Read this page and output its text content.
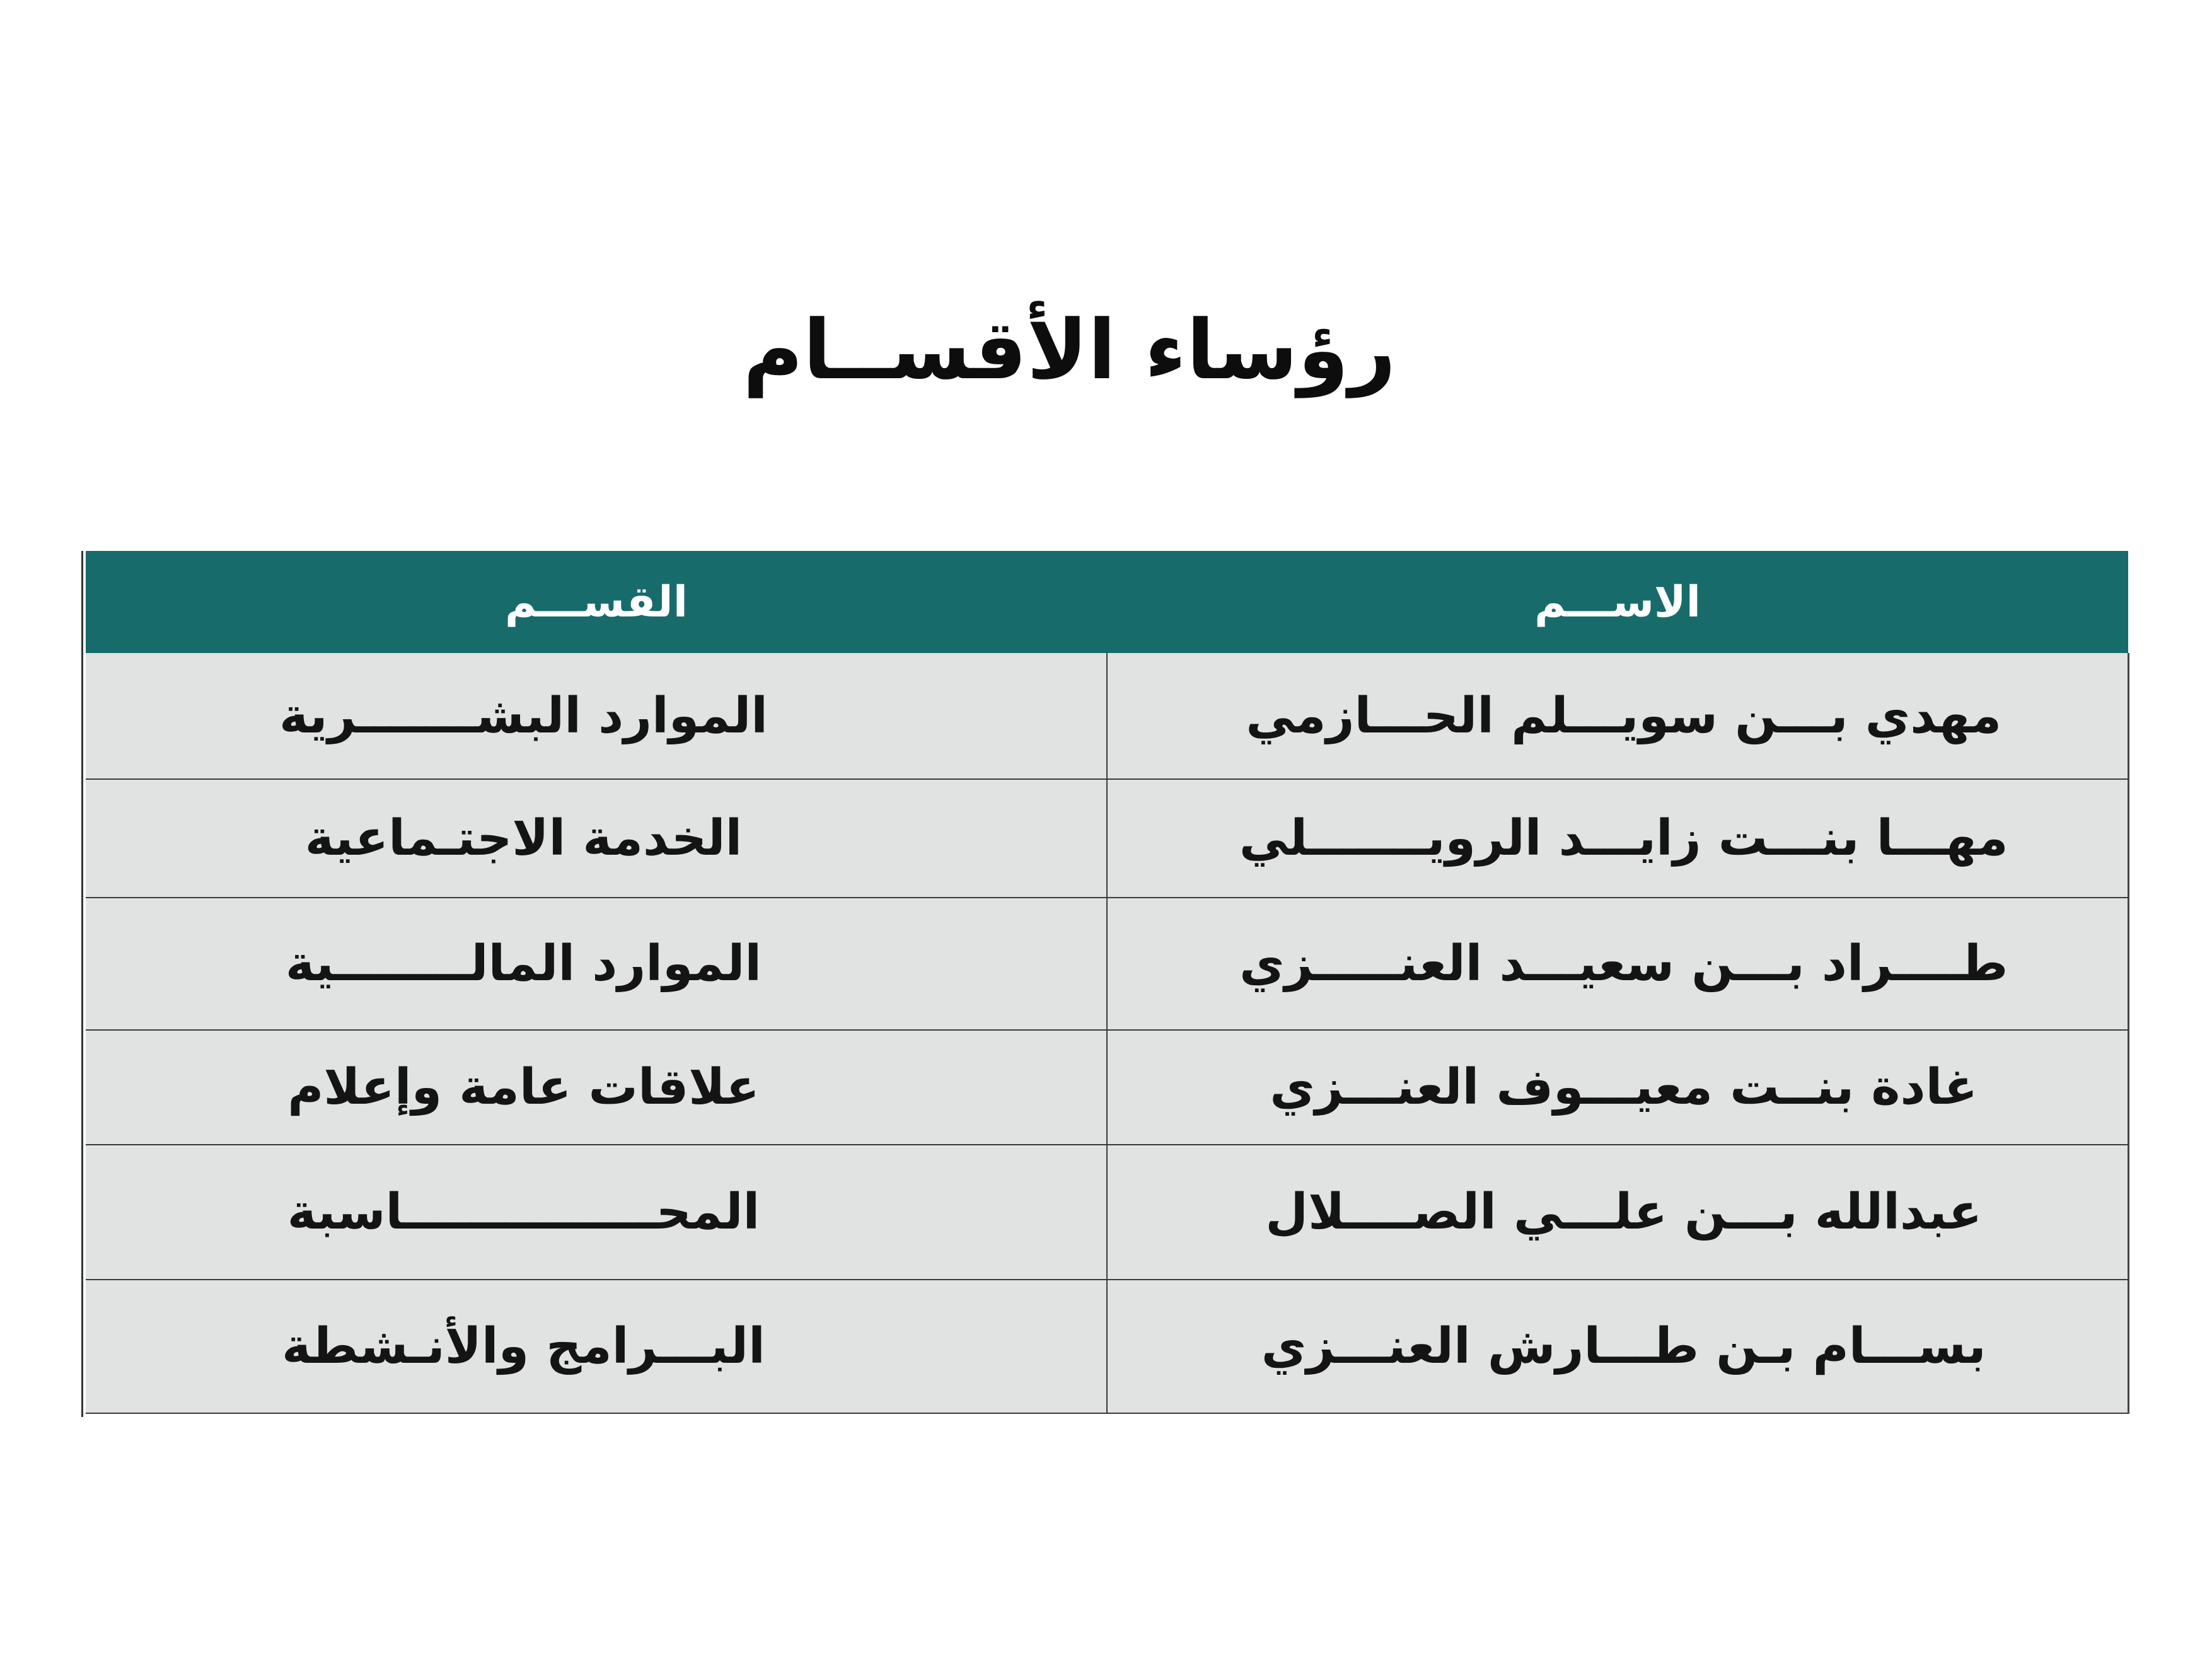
رؤساء الأقســام
الاســـم	القســـم
مهدي بـــن سويـــلم الحـــازمي	الموارد البشـــــــرية
مهـــا بنـــت زايـــد الرويـــــــلي	الخدمة الاجتـماعية
طــــراد بـــن سعيـــد العنـــــزي	الموارد المالــــــــية
غادة بنــت معيـــوف العنـــزي	علاقات عامة وإعلام
عبدالله بـــن علـــي الصــــلال	المحـــــــــــــــاسبة
بســـام بـن طـــارش العنـــزي	البـــرامج والأنـشطة
